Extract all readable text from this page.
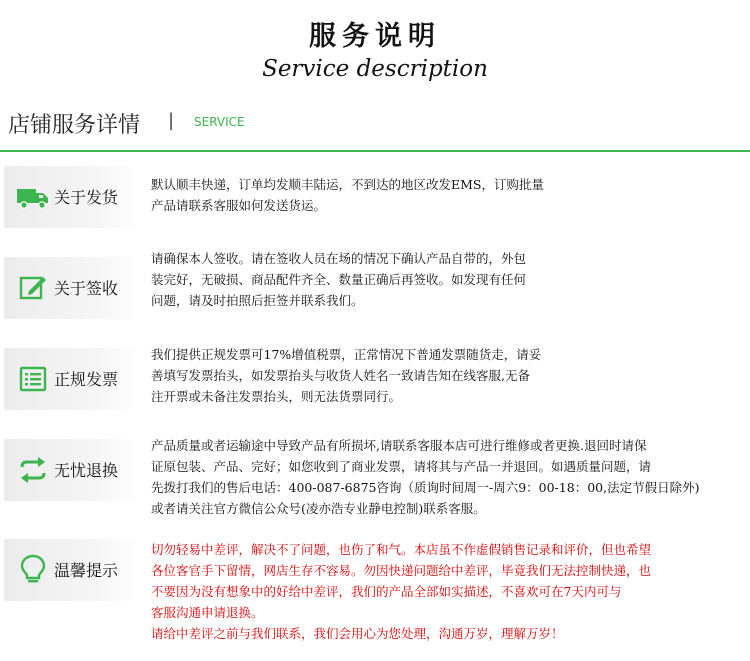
服务说明
Service description
店铺服务详情 | SERVICE
关于发货
默认顺丰快递，订单均发顺丰陆运，不到达的地区改发EMS，订购批量
产品请联系客服如何发送货运。
关于签收
请确保本人签收。请在签收人员在场的情况下确认产品自带的，外包
装完好，无破损、商品配件齐全、数量正确后再签收。如发现有任何
问题，请及时拍照后拒签并联系我们。
正规发票
我们提供正规发票可17%增值税票，正常情况下普通发票随货走，请妥
善填写发票抬头，如发票抬头与收货人姓名一致请告知在线客服,无备
注开票或未备注发票抬头，则无法货票同行。
无忧退换
产品质量或者运输途中导致产品有所损坏,请联系客服本店可进行维修或者更换.退回时请保
证原包装、产品、完好；如您收到了商业发票，请将其与产品一并退回。如遇质量问题，请
先拨打我们的售后电话：400-087-6875咨询（质询时间周一-周六9：00-18：00,法定节假日除外)
或者请关注官方微信公众号(凌亦浩专业静电控制)联系客服。
温馨提示
切勿轻易中差评，解决不了问题，也伤了和气。本店虽不作虚假销售记录和评价，但也希望
各位客官手下留情，网店生存不容易。勿因快递问题给中差评，毕竟我们无法控制快递，也
不要因为没有想象中的好给中差评，我们的产品全部如实描述，不喜欢可在7天内可与
客服沟通申请退换。
请给中差评之前与我们联系，我们会用心为您处理，沟通万岁，理解万岁！
